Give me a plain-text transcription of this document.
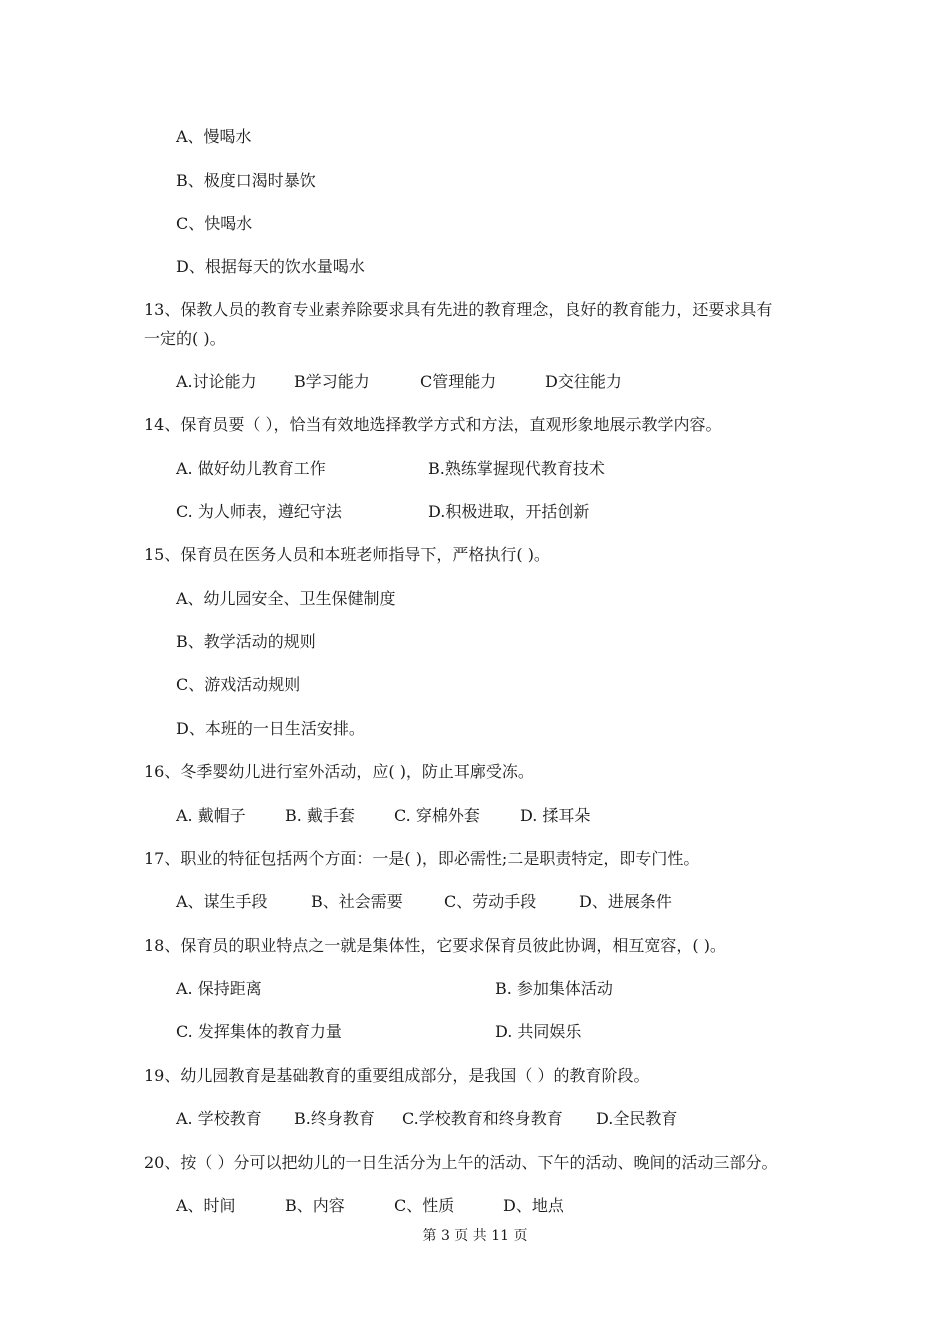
A、慢喝水
B、极度口渴时暴饮
C、快喝水
D、根据每天的饮水量喝水
13、保教人员的教育专业素养除要求具有先进的教育理念，良好的教育能力，还要求具有
一定的( )。
A.讨论能力 B学习能力	C管理能力	D交往能力
14、保育员要（ ），恰当有效地选择教学方式和方法，直观形象地展示教学内容。
A. 做好幼儿教育工作	B.熟练掌握现代教育技术
C. 为人师表，遵纪守法	D.积极进取，开括创新
15、保育员在医务人员和本班老师指导下，严格执行( )。
A、幼儿园安全、卫生保健制度
B、教学活动的规则
C、游戏活动规则
D、本班的一日生活安排。
16、冬季婴幼儿进行室外活动，应( )，防止耳廓受冻。
A. 戴帽子 B. 戴手套 C. 穿棉外套	D. 揉耳朵
17、职业的特征包括两个方面：一是( )，即必需性;二是职责特定，即专门性。
A、谋生手段	B、社会需要	C、劳动手段	D、进展条件
18、保育员的职业特点之一就是集体性，它要求保育员彼此协调，相互宽容，( )。
A. 保持距离	B. 参加集体活动
C. 发挥集体的教育力量	D. 共同娱乐
19、幼儿园教育是基础教育的重要组成部分，是我国（ ）的教育阶段。
A. 学校教育 B.终身教育 C.学校教育和终身教育 D.全民教育
20、按（ ）分可以把幼儿的一日生活分为上午的活动、下午的活动、晚间的活动三部分。
A、时间	B、内容	C、性质	D、地点
第 3 页 共 11 页
